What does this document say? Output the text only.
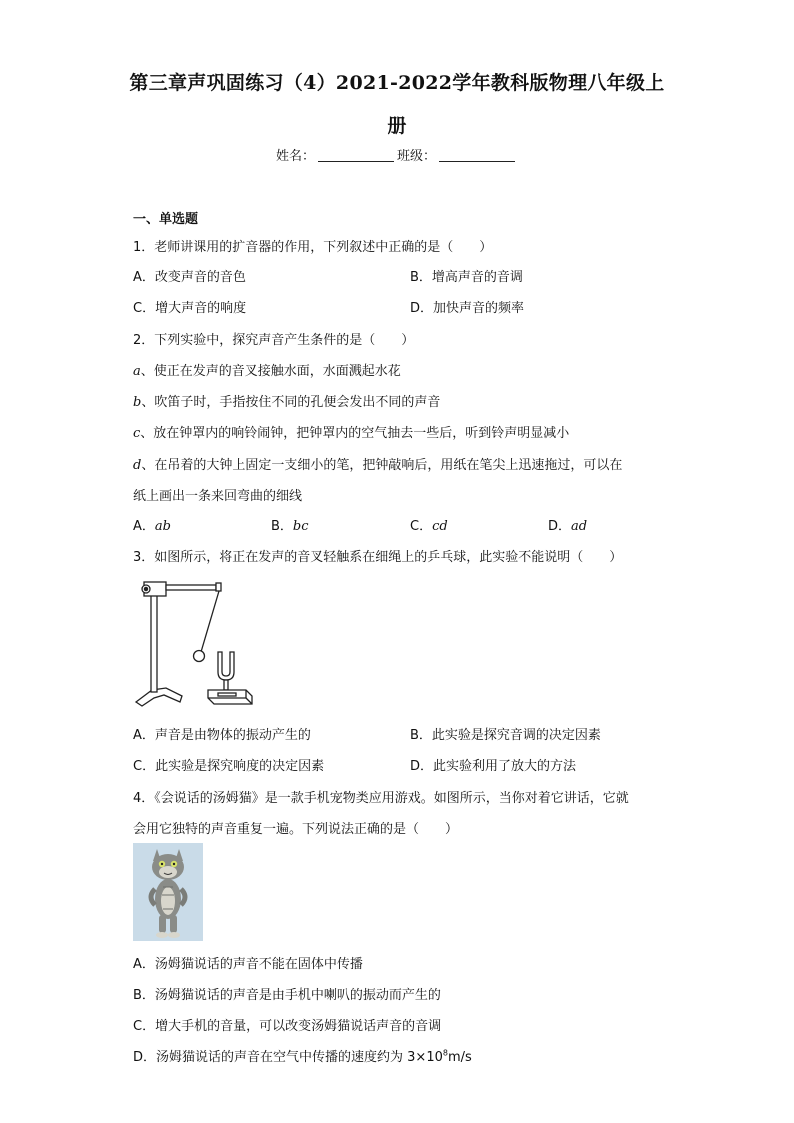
第三章声巩固练习（4）2021-2022学年教科版物理八年级上
册
姓名：	班级：
一、单选题
1．老师讲课用的扩音器的作用，下列叙述中正确的是（　　）
A．改变声音的音色	B．增高声音的音调
C．增大声音的响度	D．加快声音的频率
2．下列实验中，探究声音产生条件的是（　　）
a、使正在发声的音叉接触水面，水面溅起水花
b、吹笛子时，手指按住不同的孔便会发出不同的声音
c、放在钟罩内的响铃闹钟，把钟罩内的空气抽去一些后，听到铃声明显减小
d、在吊着的大钟上固定一支细小的笔，把钟敲响后，用纸在笔尖上迅速拖过，可以在
纸上画出一条来回弯曲的细线
A．ab	B．bc	C．cd	D．ad
3．如图所示，将正在发声的音叉轻触系在细绳上的乒乓球，此实验不能说明（　　）
A．声音是由物体的振动产生的	B．此实验是探究音调的决定因素
C．此实验是探究响度的决定因素	D．此实验利用了放大的方法
4．《会说话的汤姆猫》是一款手机宠物类应用游戏。如图所示，当你对着它讲话，它就
会用它独特的声音重复一遍。下列说法正确的是（　　）
A．汤姆猫说话的声音不能在固体中传播
B．汤姆猫说话的声音是由手机中喇叭的振动而产生的
C．增大手机的音量，可以改变汤姆猫说话声音的音调
D．汤姆猫说话的声音在空气中传播的速度约为 $3\times 10^8m/s$
